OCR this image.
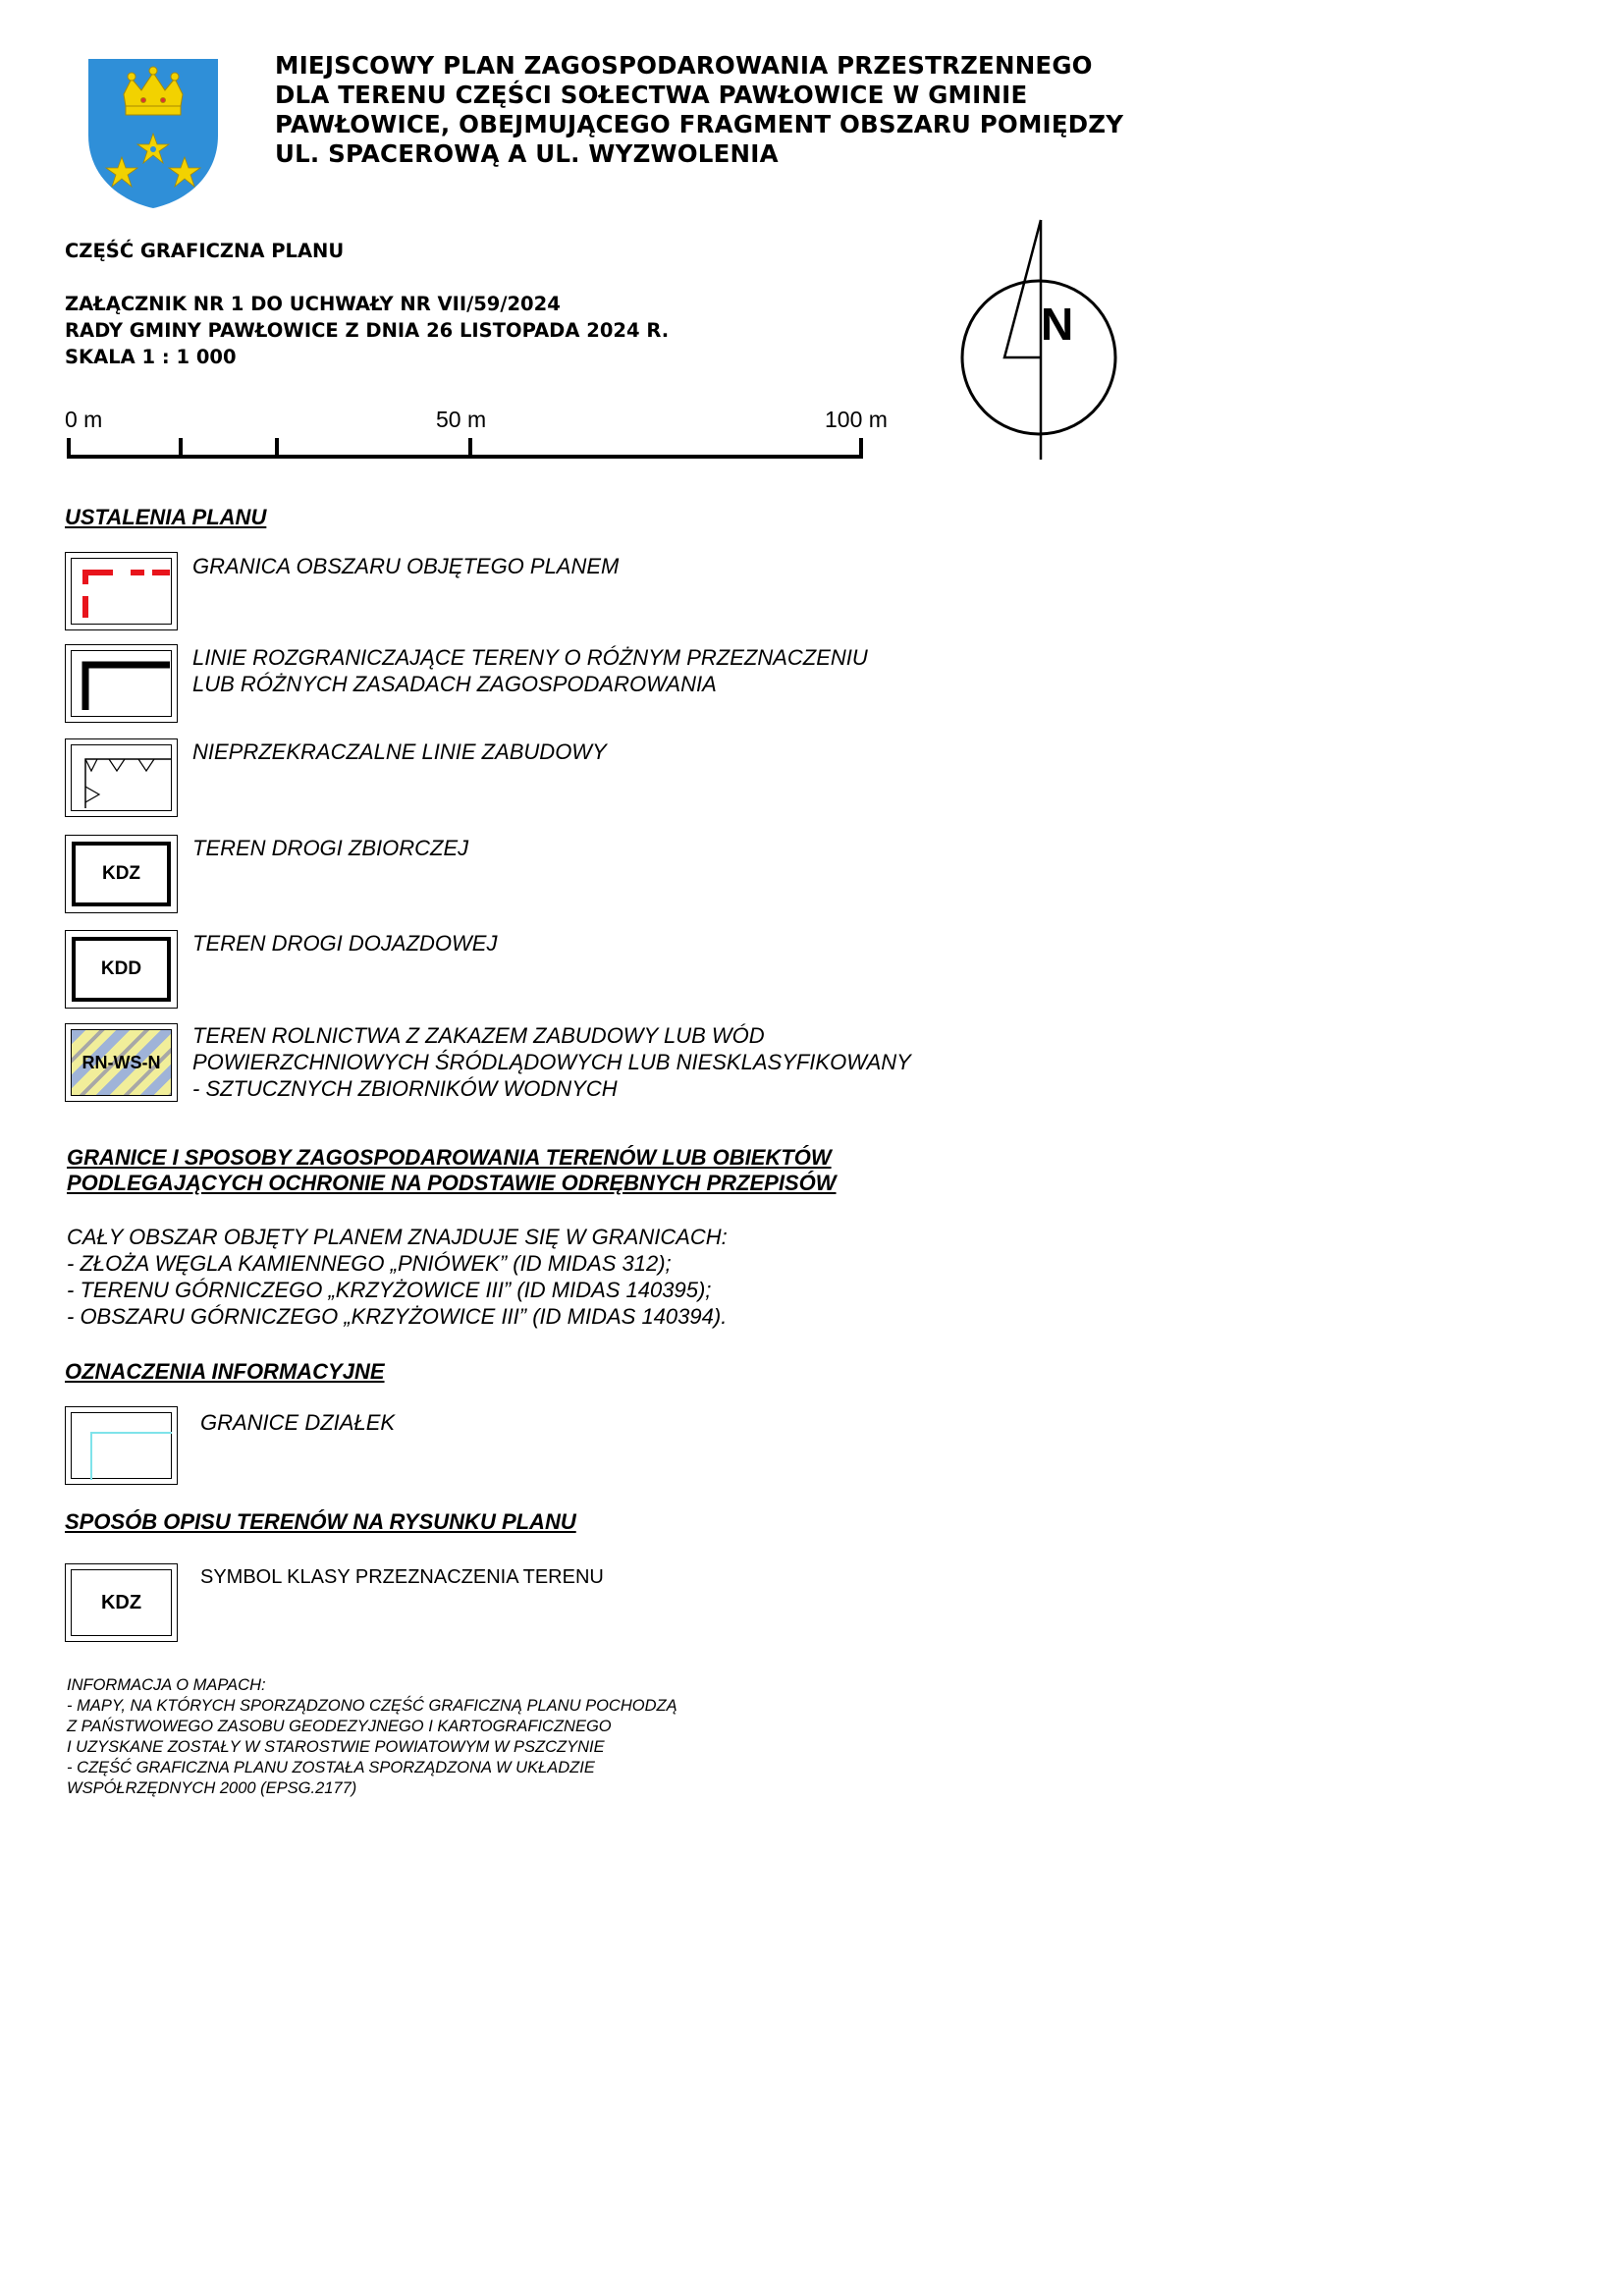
MIEJSCOWY PLAN ZAGOSPODAROWANIA PRZESTRZENNEGO
DLA TERENU CZĘŚCI SOŁECTWA PAWŁOWICE W GMINIE
PAWŁOWICE, OBEJMUJĄCEGO FRAGMENT OBSZARU POMIĘDZY
UL. SPACEROWĄ A UL. WYZWOLENIA
CZĘŚĆ GRAFICZNA PLANU
ZAŁĄCZNIK NR 1 DO UCHWAŁY NR VII/59/2024
RADY GMINY PAWŁOWICE Z DNIA 26 LISTOPADA 2024 R.
SKALA 1 : 1 000
N
0 m	50 m	100 m
USTALENIA PLANU
GRANICA OBSZARU OBJĘTEGO PLANEM
LINIE ROZGRANICZAJĄCE TERENY O RÓŻNYM PRZEZNACZENIU
LUB RÓŻNYCH ZASADACH ZAGOSPODAROWANIA
NIEPRZEKRACZALNE LINIE ZABUDOWY
KDZ
TEREN DROGI ZBIORCZEJ
KDD
TEREN DROGI DOJAZDOWEJ
RN-WS-N
TEREN ROLNICTWA Z ZAKAZEM ZABUDOWY LUB WÓD
POWIERZCHNIOWYCH ŚRÓDLĄDOWYCH LUB NIESKLASYFIKOWANY
- SZTUCZNYCH ZBIORNIKÓW WODNYCH
GRANICE I SPOSOBY ZAGOSPODAROWANIA TERENÓW LUB OBIEKTÓW
PODLEGAJĄCYCH OCHRONIE NA PODSTAWIE ODRĘBNYCH PRZEPISÓW
CAŁY OBSZAR OBJĘTY PLANEM ZNAJDUJE SIĘ W GRANICACH:
- ZŁOŻA WĘGLA KAMIENNEGO „PNIÓWEK” (ID MIDAS 312);
- TERENU GÓRNICZEGO „KRZYŻOWICE III” (ID MIDAS 140395);
- OBSZARU GÓRNICZEGO „KRZYŻOWICE III” (ID MIDAS 140394).
OZNACZENIA INFORMACYJNE
GRANICE DZIAŁEK
SPOSÓB OPISU TERENÓW NA RYSUNKU PLANU
KDZ
SYMBOL KLASY PRZEZNACZENIA TERENU
INFORMACJA O MAPACH:
- MAPY, NA KTÓRYCH SPORZĄDZONO CZĘŚĆ GRAFICZNĄ PLANU POCHODZĄ
Z PAŃSTWOWEGO ZASOBU GEODEZYJNEGO I KARTOGRAFICZNEGO
I UZYSKANE ZOSTAŁY W STAROSTWIE POWIATOWYM W PSZCZYNIE
- CZĘŚĆ GRAFICZNA PLANU ZOSTAŁA SPORZĄDZONA W UKŁADZIE
WSPÓŁRZĘDNYCH 2000 (EPSG.2177)
